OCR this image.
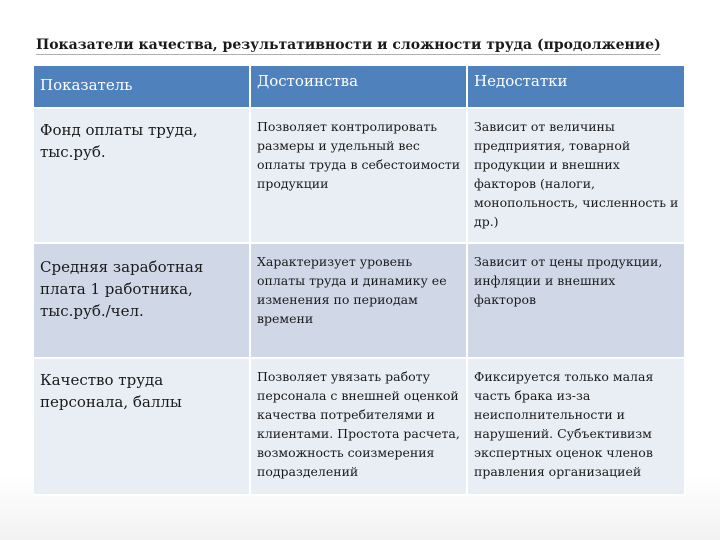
Показатели качества, результативности и сложности труда (продолжение)
Показатель	Достоинства	Недостатки
Фонд оплаты труда, тыс.руб.
Позволяет контролировать размеры и удельный вес оплаты труда в себестоимости продукции
Зависит от величины предприятия, товарной продукции и внешних факторов (налоги, монопольность, численность и др.)
Средняя заработная плата 1 работника, тыс.руб./чел.
Характеризует уровень оплаты труда и динамику ее изменения по периодам времени
Зависит от цены продукции, инфляции и внешних факторов
Качество труда персонала, баллы
Позволяет увязать работу персонала с внешней оценкой качества потребителями и клиентами. Простота расчета, возможность соизмерения подразделений
Фиксируется только малая часть брака из-за неисполнительности и нарушений. Субъективизм экспертных оценок членов правления организацией
